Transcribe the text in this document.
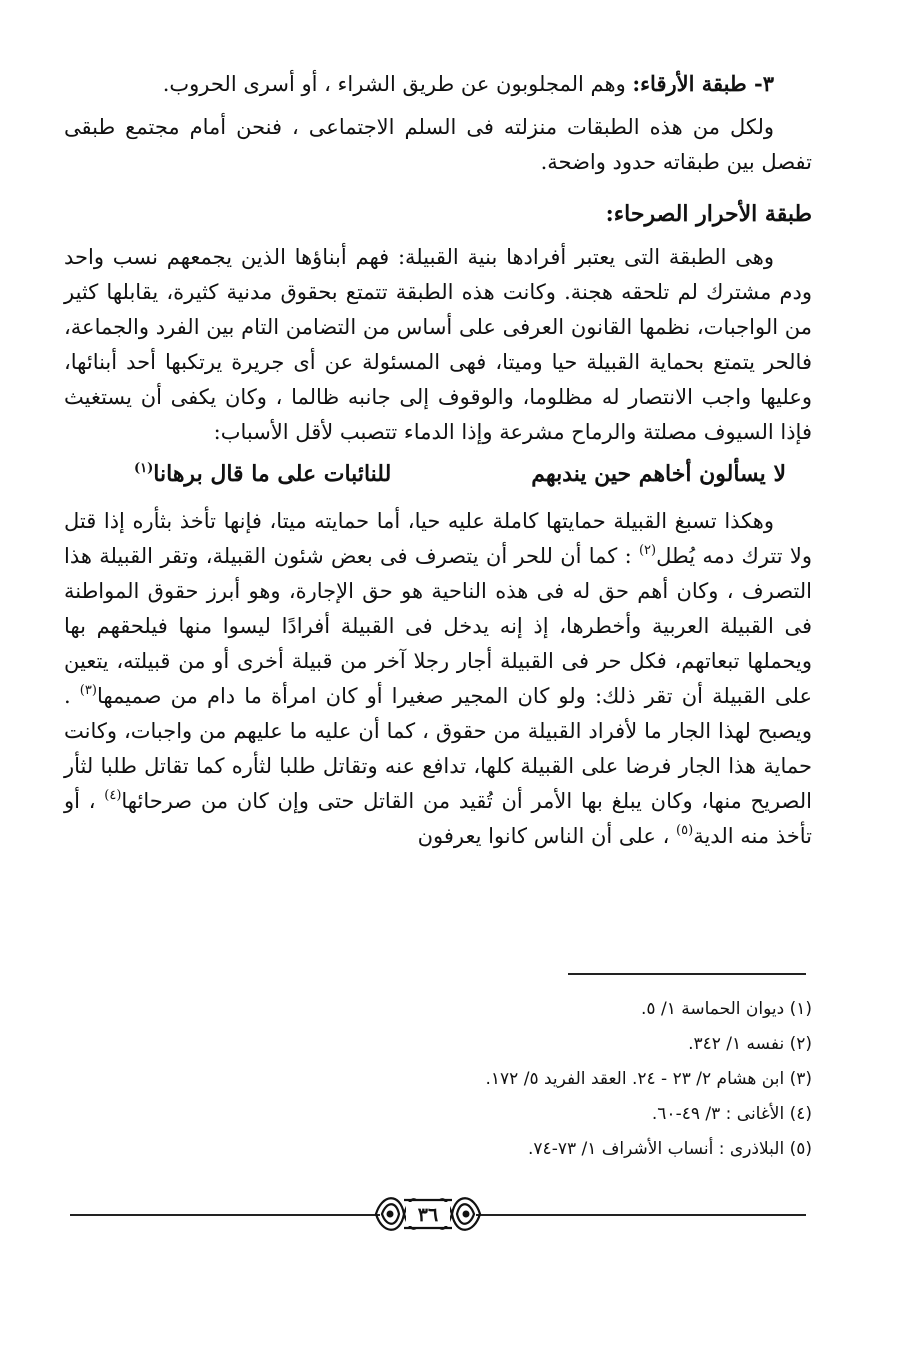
٣- طبقة الأرقاء: وهم المجلوبون عن طريق الشراء ، أو أسرى الحروب.

ولكل من هذه الطبقات منزلته فى السلم الاجتماعى ، فنحن أمام مجتمع طبقى تفصل بين طبقاته حدود واضحة.

طبقة الأحرار الصرحاء:

وهى الطبقة التى يعتبر أفرادها بنية القبيلة: فهم أبناؤها الذين يجمعهم نسب واحد ودم مشترك لم تلحقه هجنة. وكانت هذه الطبقة تتمتع بحقوق مدنية كثيرة، يقابلها كثير من الواجبات، نظمها القانون العرفى على أساس من التضامن التام بين الفرد والجماعة، فالحر يتمتع بحماية القبيلة حيا وميتا، فهى المسئولة عن أى جريرة يرتكبها أحد أبنائها، وعليها واجب الانتصار له مظلوما، والوقوف إلى جانبه ظالما ، وكان يكفى أن يستغيث فإذا السيوف مصلتة والرماح مشرعة وإذا الدماء تتصبب لأقل الأسباب:

لا يسألون أخاهم حين يندبهم
للنائبات على ما قال برهانا$^{(١)}$

وهكذا تسبغ القبيلة حمايتها كاملة عليه حيا، أما حمايته ميتا، فإنها تأخذ بثأره إذا قتل ولا تترك دمه يُطل$^{(٢)}$ : كما أن للحر أن يتصرف فى بعض شئون القبيلة، وتقر القبيلة هذا التصرف ، وكان أهم حق له فى هذه الناحية هو حق الإجارة، وهو أبرز حقوق المواطنة فى القبيلة العربية وأخطرها، إذ إنه يدخل فى القبيلة أفرادًا ليسوا منها فيلحقهم بها ويحملها تبعاتهم، فكل حر فى القبيلة أجار رجلا آخر من قبيلة أخرى أو من قبيلته، يتعين على القبيلة أن تقر ذلك: ولو كان المجير صغيرا أو كان امرأة ما دام من صميمها$^{(٣)}$ . ويصبح لهذا الجار ما لأفراد القبيلة من حقوق ، كما أن عليه ما عليهم من واجبات، وكانت حماية هذا الجار فرضا على القبيلة كلها، تدافع عنه وتقاتل طلبا لثأره كما تقاتل طلبا لثأر الصريح منها، وكان يبلغ بها الأمر أن تُقيد من القاتل حتى وإن كان من صرحائها$^{(٤)}$ ، أو تأخذ منه الدية$^{(٥)}$ ، على أن الناس كانوا يعرفون

(١) ديوان الحماسة ١/ ٥.

(٢) نفسه ١/ ٣٤٢.

(٣) ابن هشام ٢/ ٢٣ - ٢٤. العقد الفريد ٥/ ١٧٢.

(٤) الأغانى : ٣/ ٤٩-٦٠.

(٥) البلاذرى : أنساب الأشراف ١/ ٧٣-٧٤.

٣٦
